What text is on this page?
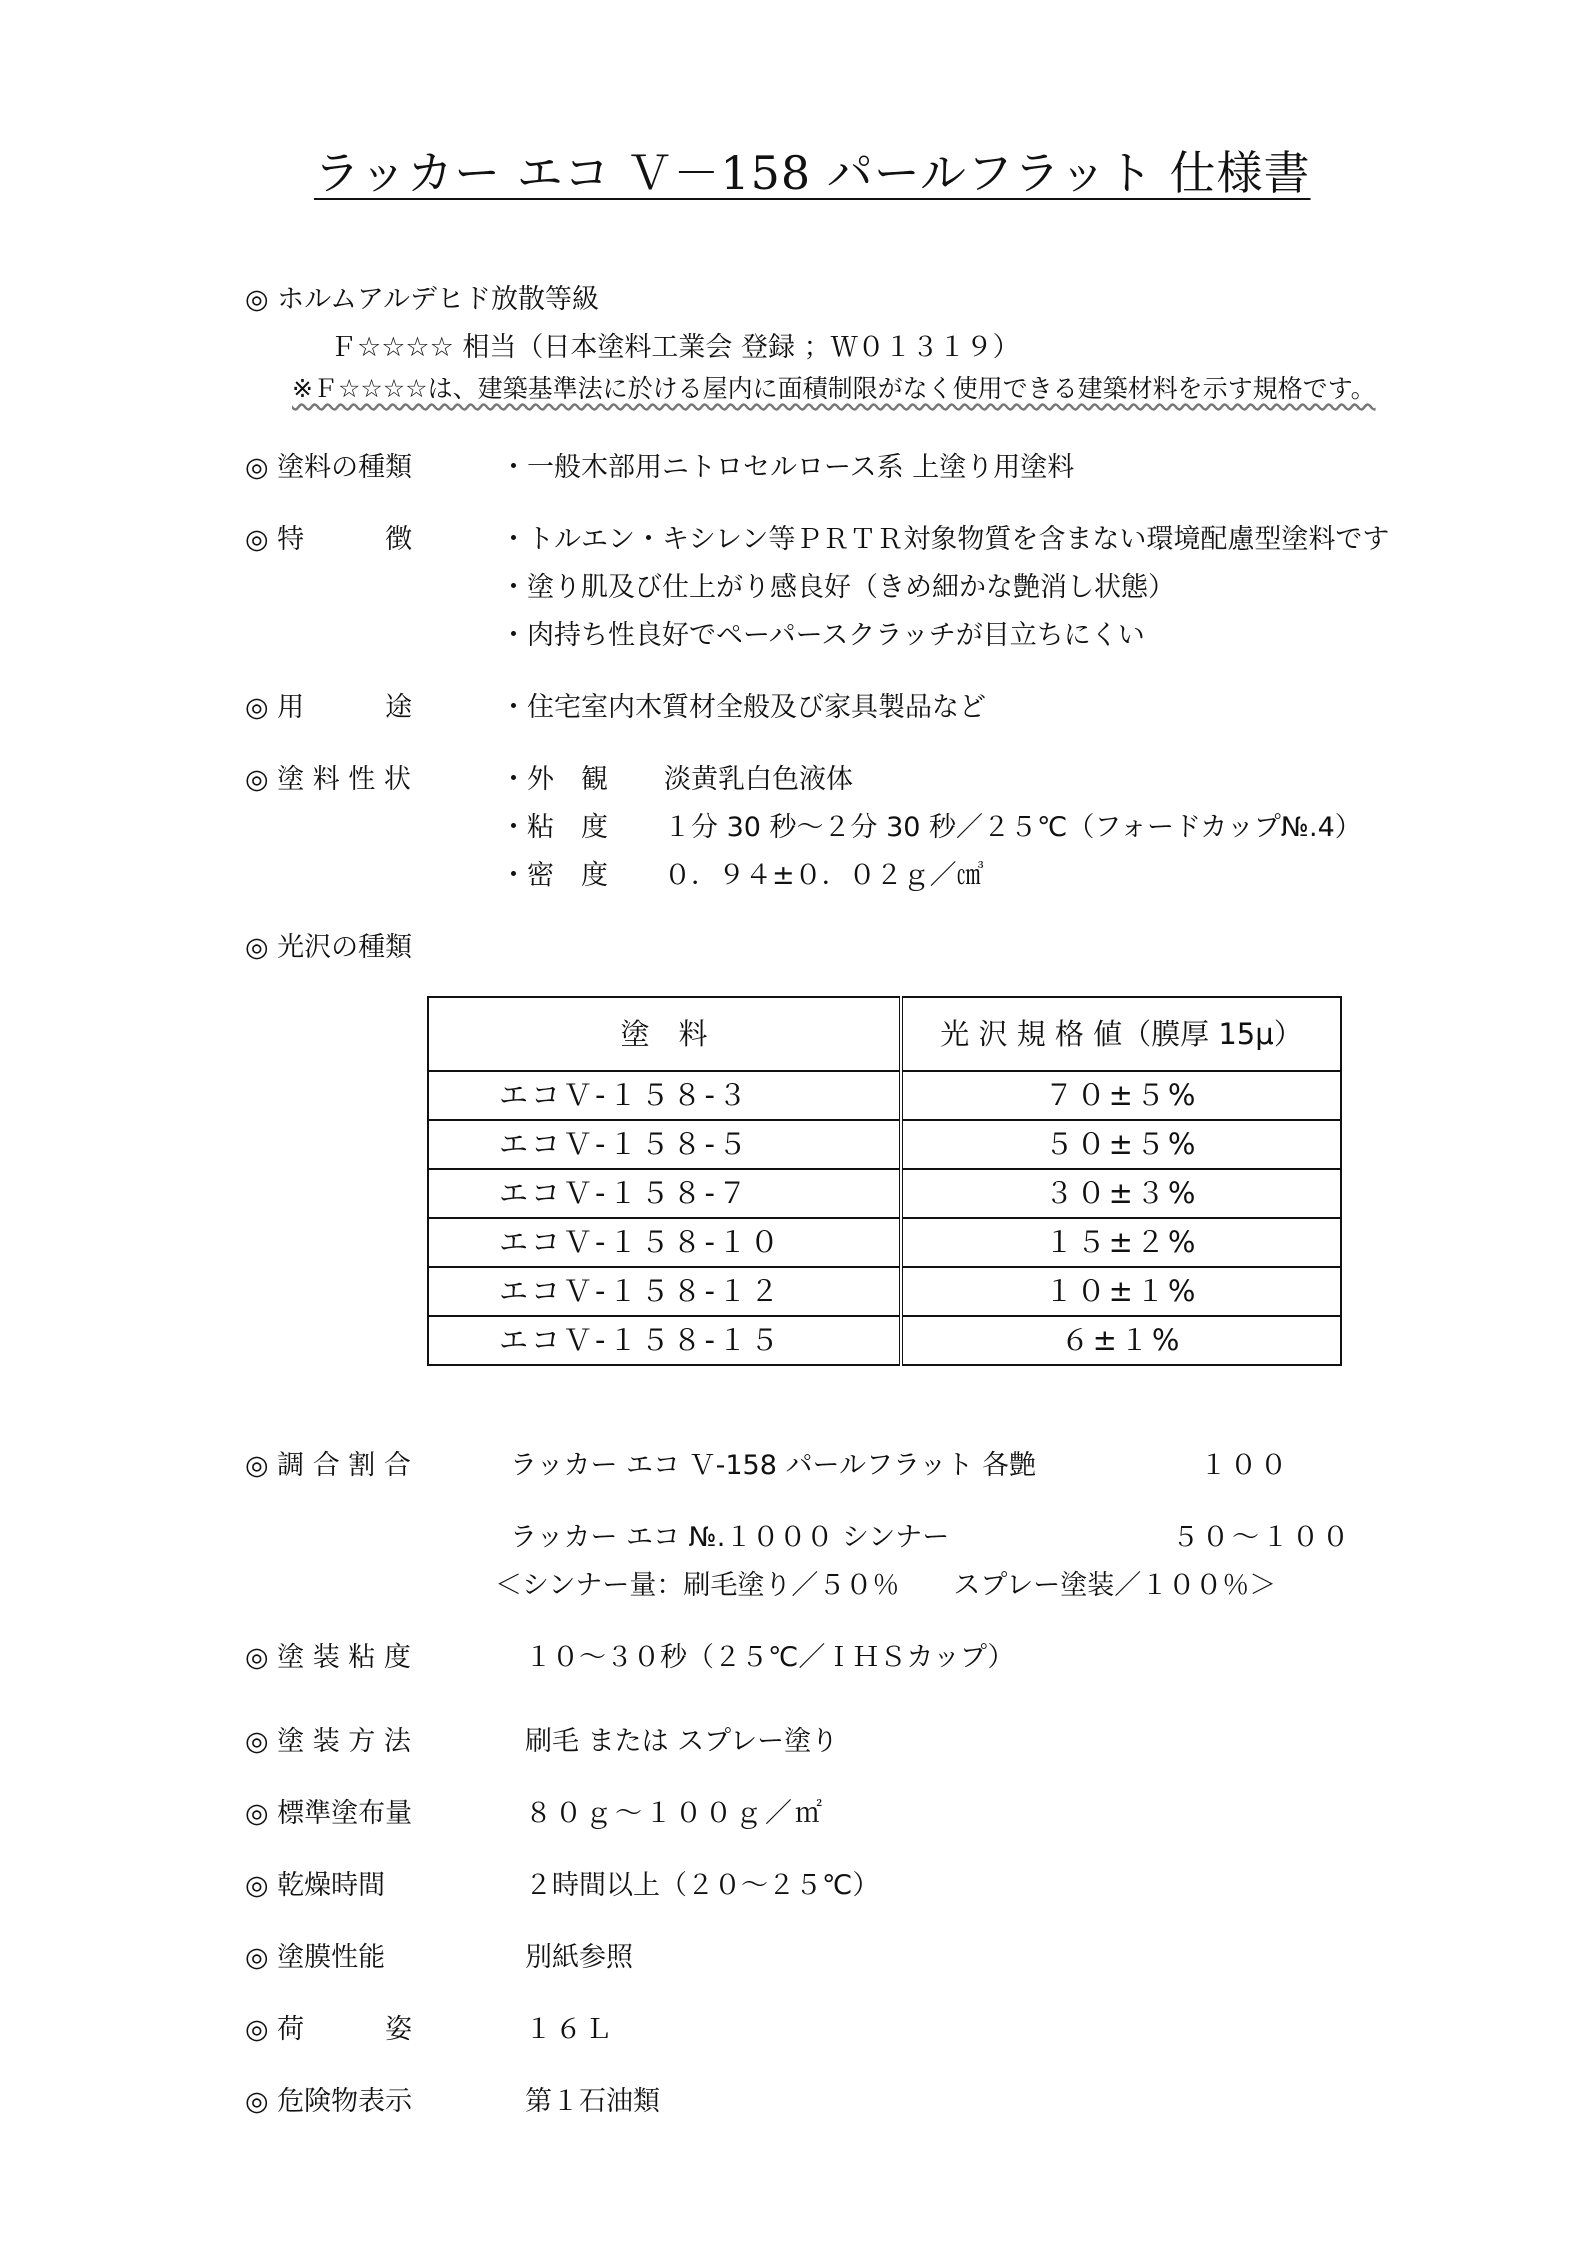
ラッカー エコ Ｖ－158 パールフラット 仕様書
◎ ホルムアルデヒド放散等級
Ｆ☆☆☆☆ 相当（日本塗料工業会 登録 ；Ｗ０１３１９）
※Ｆ☆☆☆☆は、建築基準法に於ける屋内に面積制限がなく使用できる建築材料を示す規格です。
◎ 塗料の種類	・一般木部用ニトロセルロース系 上塗り用塗料
◎ 特　　　徴	・トルエン・キシレン等ＰＲＴＲ対象物質を含まない環境配慮型塗料です
・塗り肌及び仕上がり感良好（きめ細かな艶消し状態）
・肉持ち性良好でペーパースクラッチが目立ちにくい
◎ 用　　　途	・住宅室内木質材全般及び家具製品など
◎ 塗 料 性 状	・外　観 淡黄乳白色液体
・粘　度 １分 30 秒～２分 30 秒／２５℃（フォードカップ№.4）
・密　度 ０．９４±０．０２ｇ／㎤
◎ 光沢の種類
塗　料	光 沢 規 格 値（膜厚 15μ）
エコＶ-１５８-３	７０±５%
エコＶ-１５８-５	５０±５%
エコＶ-１５８-７	３０±３%
エコＶ-１５８-１０	１５±２%
エコＶ-１５８-１２	１０±１%
エコＶ-１５８-１５	６±１%
◎ 調 合 割 合	ラッカー エコ Ｖ-158 パールフラット 各艶	１００
ラッカー エコ №.１０００ シンナー	５０～１００
＜シンナー量：刷毛塗り／５０％　　スプレー塗装／１００％＞
◎ 塗 装 粘 度	１０～３０秒（２５℃／ＩＨＳカップ）
◎ 塗 装 方 法	刷毛 または スプレー塗り
◎ 標準塗布量	８０ｇ～１００ｇ／㎡
◎ 乾燥時間	２時間以上（２０～２５℃）
◎ 塗膜性能	別紙参照
◎ 荷　　　姿	１６Ｌ
◎ 危険物表示	第１石油類
